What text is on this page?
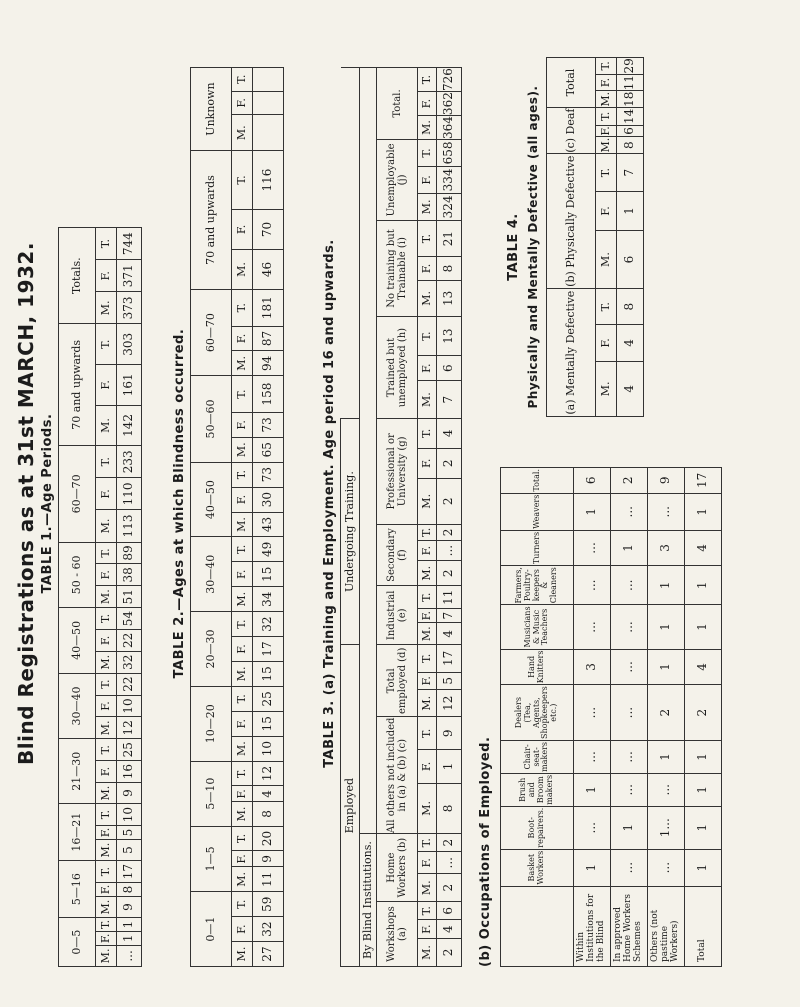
Blind Registrations as at 31st MARCH, 1932. TABLE 1.—Age Periods.
0—5			5—16			16—21			21—30			30—40			40—50			50 - 60			60—70			70 and upwards			Totals.		
M.	F.	T.	M.	F.	T.	M.	F.	T.	M.	F.	T.	M.	F.	T.	M.	F.	T.	M.	F.	T.	M.	F.	T.	M.	F.	T.	M.	F.	T.
...	1	1	9	8	17	5	5	10	9	16	25	12	10	22	32	22	54	51	38	89	113	110	233	142	161	303	373	371	744
TABLE 2.—Ages at which Blindness occurred.
0—1			1—5			5—10			10—20			20—30			30—40			40—50			50—60			60—70			70 and upwards			Unknown		
M.	F.	T.	M.	F.	T.	M.	F.	T.	M.	F.	T.	M.	F.	T.	M.	F.	T.	M.	F.	T.	M.	F.	T.	M.	F.	T.	M.	F.	T.	M.	F.	T.
27	32	59	11	9	20	8	4	12	10	15	25	15	17	32	34	15	49	43	30	73	65	73	158	94	87	181	46	70	116			
TABLE 3. (a) Training and Employment. Age period 16 and upwards.
Employed												Undergoing Training.																				
By Blind Institutions.																																
Workshops (a)			Home Workers (b)			All others not included in (a) & (b) (c)			Total employed (d)			Industrial (e)			Secondary (f)			Professional or University (g)			Trained but unemployed (h)			No training but Trainable (i)			Unemployable (j)			Total.		
M.	F.	T.	M.	F.	T.	M.	F.	T.	M.	F.	T.	M.	F.	T.	M.	F.	T.	M.	F.	T.	M.	F.	T.	M.	F.	T.	M.	F.	T.	M.	F.	T.
2	4	6	2	...	2	8	1	9	12	5	17	4	7	11	2	...	2	2	2	4	7	6	13	13	8	21	324	334	658	364	362	726
(b) Occupations of Employed.
		Basket Workers	Boot-repairers.	Brush and Broom makers	Chair-seat-makers	Dealers (Tea, Agents, Shopkeepers etc.)	Hand Knitters	Musicians & Music Teachers	Farmers, Poultry-keepers & Cleaners	Turners	Weavers	Total.
Within Institutions for the Blind	1	...	1	...	...	3	...	...	...	1	6
In approved Home Workers Schemes	...	1	...	...	...	...	...	...	1	...	2
Others (not pastime Workers)	...	1...	...	1	2	1	1	1	3	...	9
Total	1	1	1	1	2	4	1	1	4	1	17
TABLE 4. Physically and Mentally Defective (all ages). (a) Mentally Defective			(b) Physically Defective			(c) Deaf			Total		
M.	F.	T.	M.	F.	T.	M.	F.	T.	M.	F.	T.
4	4	8	6	1	7	8	6	14	18	11	29
